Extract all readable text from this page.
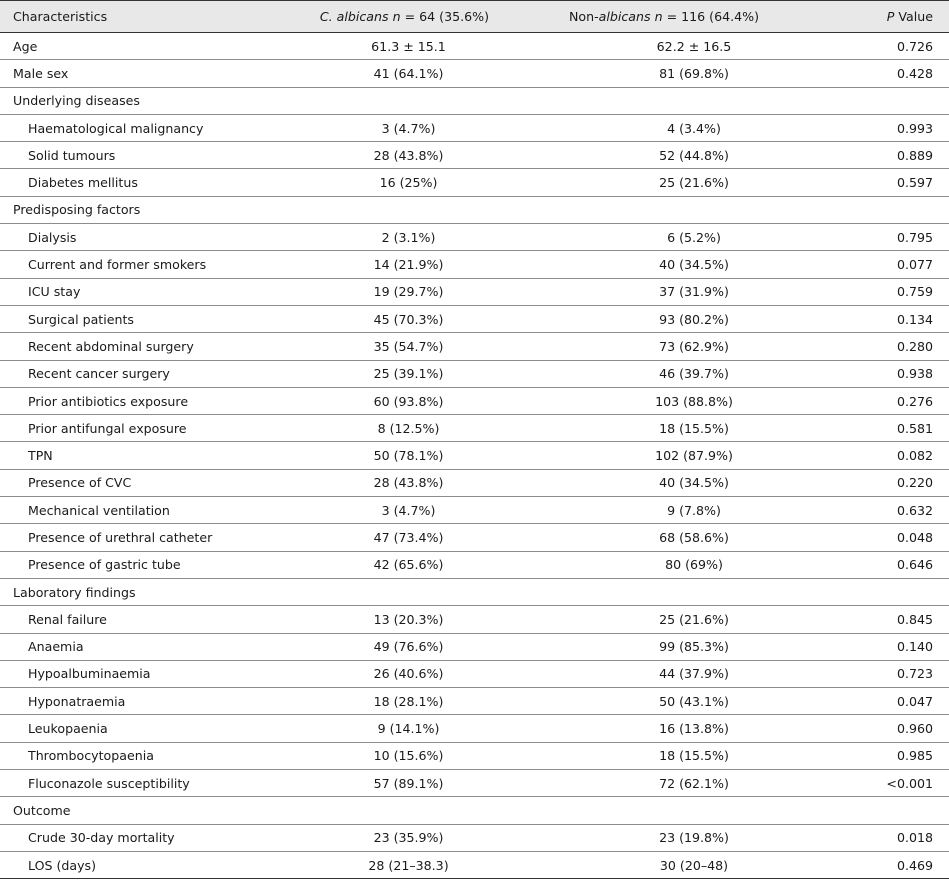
Characteristics	C. albicans n = 64 (35.6%)	Non-albicans n = 116 (64.4%)	P Value
Age	61.3 ± 15.1	62.2 ± 16.5	0.726
Male sex	41 (64.1%)	81 (69.8%)	0.428
Underlying diseases			
Haematological malignancy	3 (4.7%)	4 (3.4%)	0.993
Solid tumours	28 (43.8%)	52 (44.8%)	0.889
Diabetes mellitus	16 (25%)	25 (21.6%)	0.597
Predisposing factors			
Dialysis	2 (3.1%)	6 (5.2%)	0.795
Current and former smokers	14 (21.9%)	40 (34.5%)	0.077
ICU stay	19 (29.7%)	37 (31.9%)	0.759
Surgical patients	45 (70.3%)	93 (80.2%)	0.134
Recent abdominal surgery	35 (54.7%)	73 (62.9%)	0.280
Recent cancer surgery	25 (39.1%)	46 (39.7%)	0.938
Prior antibiotics exposure	60 (93.8%)	103 (88.8%)	0.276
Prior antifungal exposure	8 (12.5%)	18 (15.5%)	0.581
TPN	50 (78.1%)	102 (87.9%)	0.082
Presence of CVC	28 (43.8%)	40 (34.5%)	0.220
Mechanical ventilation	3 (4.7%)	9 (7.8%)	0.632
Presence of urethral catheter	47 (73.4%)	68 (58.6%)	0.048
Presence of gastric tube	42 (65.6%)	80 (69%)	0.646
Laboratory findings			
Renal failure	13 (20.3%)	25 (21.6%)	0.845
Anaemia	49 (76.6%)	99 (85.3%)	0.140
Hypoalbuminaemia	26 (40.6%)	44 (37.9%)	0.723
Hyponatraemia	18 (28.1%)	50 (43.1%)	0.047
Leukopaenia	9 (14.1%)	16 (13.8%)	0.960
Thrombocytopaenia	10 (15.6%)	18 (15.5%)	0.985
Fluconazole susceptibility	57 (89.1%)	72 (62.1%)	<0.001
Outcome			
Crude 30-day mortality	23 (35.9%)	23 (19.8%)	0.018
LOS (days)	28 (21–38.3)	30 (20–48)	0.469
